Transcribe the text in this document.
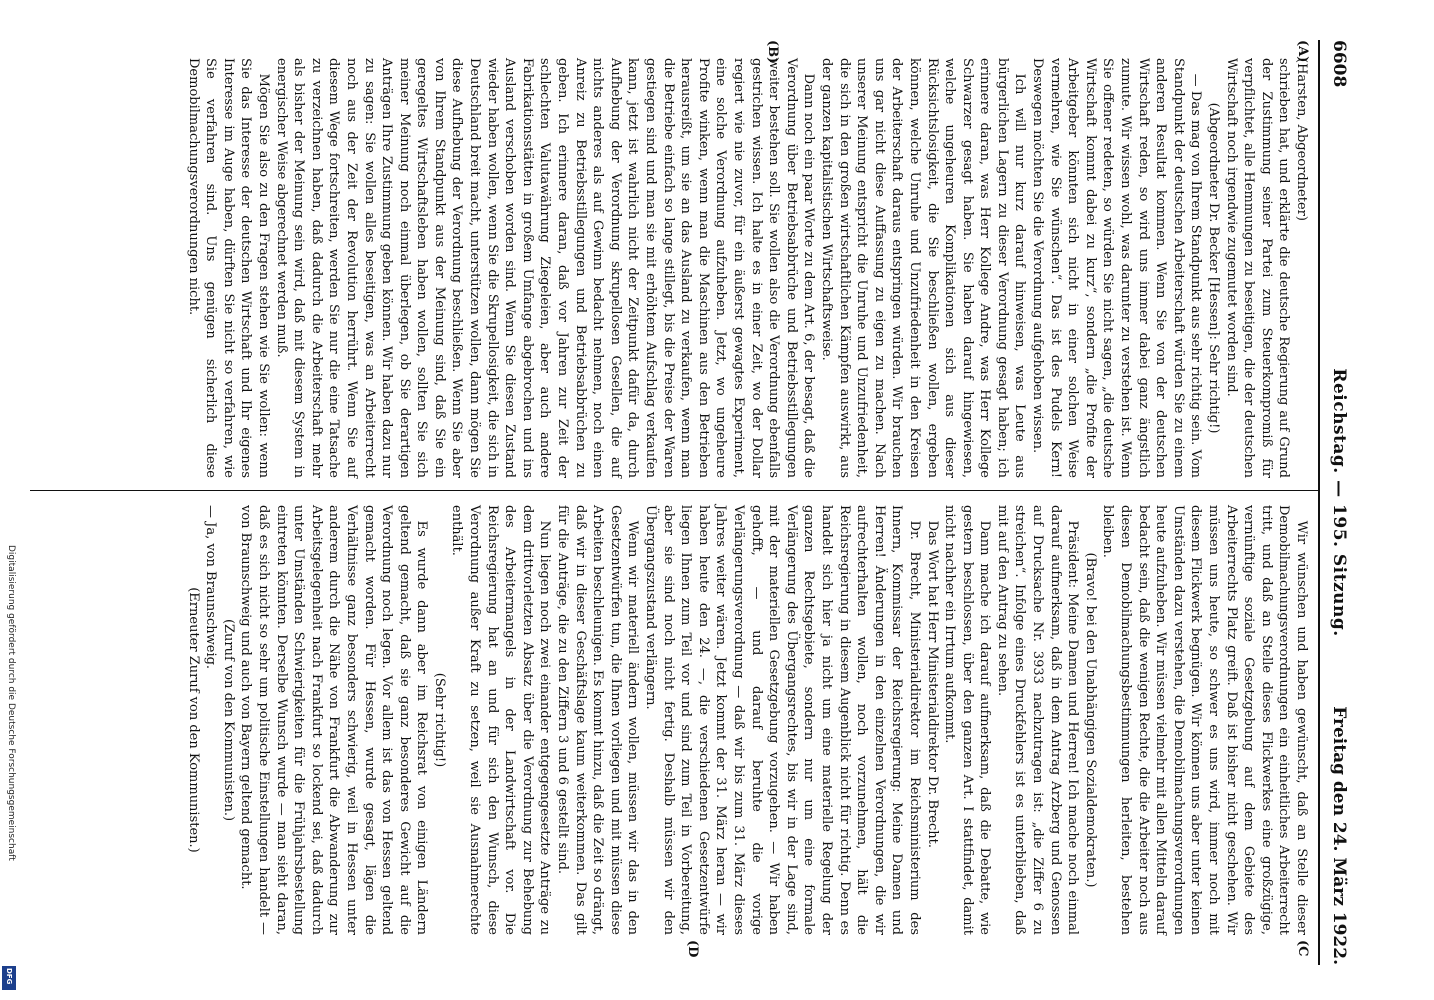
6608
Reichstag. — 195. Sitzung.
Freitag den 24. März 1922.
(A)
(B)
(C
(D

(Harsten, Abgeordneter)

schrieben hat, und erklärte die deutsche Regierung auf Grund der Zustimmung seiner Partei zum Steuerkompromiß für verpflichtet, alle Hemmungen zu beseitigen, die der deutschen Wirtschaft noch irgendwie zugemutet worden sind.

(Abgeordneter Dr. Becker [Hessen]: Sehr richtig!)

— Das mag von Ihrem Standpunkt aus sehr richtig sein. Vom Standpunkt der deutschen Arbeiterschaft würden Sie zu einem anderen Resultat kommen. Wenn Sie von der deutschen Wirtschaft reden, so wird uns immer dabei ganz ängstlich zumute. Wir wissen wohl, was darunter zu verstehen ist. Wenn Sie offener redeten, so würden Sie nicht sagen, „die deutsche Wirtschaft kommt dabei zu kurz“, sondern „die Profite der Arbeitgeber könnten sich nicht in einer solchen Weise vermehren, wie Sie wünschen“. Das ist des Pudels Kern! Deswegen möchten Sie die Verordnung aufgehoben wissen.

Ich will nur kurz darauf hinweisen, was Leute aus bürgerlichen Lagern zu dieser Verordnung gesagt haben; ich erinnere daran, was Herr Kollege Andre, was Herr Kollege Schwarzer gesagt haben. Sie haben darauf hingewiesen, welche ungeheuren Komplikationen sich aus dieser Rücksichtslosigkeit, die Sie beschließen wollen, ergeben können, welche Unruhe und Unzufriedenheit in den Kreisen der Arbeiterschaft daraus entspringen würden. Wir brauchen uns gar nicht diese Auffassung zu eigen zu machen. Nach unserer Meinung entspricht die Unruhe und Unzufriedenheit, die sich in den großen wirtschaftlichen Kämpfen auswirkt, aus der ganzen kapitalistischen Wirtschaftsweise.

Dann noch ein paar Worte zu dem Art. 6, der besagt, daß die Verordnung über Betriebsabbrüche und Betriebsstillegungen weiter bestehen soll. Sie wollen also die Verordnung ebenfalls gestrichen wissen. Ich halte es in einer Zeit, wo der Dollar regiert wie nie zuvor, für ein äußerst gewagtes Experiment, eine solche Verordnung aufzuheben. Jetzt, wo ungeheure Profite winken, wenn man die Maschinen aus den Betrieben herausreißt, um sie an das Ausland zu verkaufen, wenn man die Betriebe einfach so lange stillegt, bis die Preise der Waren gestiegen sind und man sie mit erhöhtem Aufschlag verkaufen kann, jetzt ist wahrlich nicht der Zeitpunkt dafür da, durch Aufhebung der Verordnung skrupellosen Gesellen, die auf nichts anderes als auf Gewinn bedacht nehmen, noch einen Anreiz zu Betriebsstillegungen und Betriebsabbrüchen zu geben. Ich erinnere daran, daß vor Jahren zur Zeit der schlechten Valutawährung Ziegeleien, aber auch andere Fabrikationsstätten in großem Umfange abgebrochen und ins Ausland verschoben worden sind. Wenn Sie diesen Zustand wieder haben wollen, wenn Sie die Skrupellosigkeit, die sich in Deutschland breit macht, unterstützen wollen, dann mögen Sie diese Aufhebung der Verordnung beschließen. Wenn Sie aber von Ihrem Standpunkt aus der Meinung sind, daß Sie ein geregeltes Wirtschaftsleben haben wollen, sollten Sie sich meiner Meinung noch einmal überlegen, ob Sie derartigen Anträgen Ihre Zustimmung geben können. Wir haben dazu nur zu sagen: Sie wollen alles beseitigen, was an Arbeiterrecht noch aus der Zeit der Revolution herrührt. Wenn Sie auf diesem Wege fortschreiten, werden Sie nur die eine Tatsache zu verzeichnen haben, daß dadurch die Arbeiterschaft mehr als bisher der Meinung sein wird, daß mit diesem System in energischer Weise abgerechnet werden muß.

Mögen Sie also zu den Fragen stehen wie Sie wollen: wenn Sie das Interesse der deutschen Wirtschaft und Ihr eigenes Interesse im Auge haben, dürften Sie nicht so verfahren, wie Sie verfahren sind. Uns genügen sicherlich diese Demobilmachungsverordnungen nicht.

Wir wünschen und haben gewünscht, daß an Stelle dieser Demobilmachungsverordnungen ein einheitliches Arbeiterrecht tritt, und daß an Stelle dieses Flickwerkes eine großzügige, vernünftige soziale Gesetzgebung auf dem Gebiete des Arbeiterrechts Platz greift. Daß ist bisher nicht geschehen. Wir müssen uns heute, so schwer es uns wird, immer noch mit diesem Flickwerk begnügen. Wir können uns aber unter keinen Umständen dazu verstehen, die Demobilmachungsverordnungen heute aufzuheben. Wir müssen vielmehr mit allen Mitteln darauf bedacht sein, daß die wenigen Rechte, die die Arbeiter noch aus diesen Demobilmachungsbestimmungen herleiten, bestehen bleiben.

(Bravo! bei den Unabhängigen Sozialdemokraten.)

Präsident: Meine Damen und Herren! Ich mache noch einmal darauf aufmerksam, daß in dem Antrag Arzberg und Genossen auf Drucksache Nr. 3933 nachzutragen ist: „die Ziffer 6 zu streichen“. Infolge eines Druckfehlers ist es unterblieben, daß mit auf den Antrag zu sehen.

Dann mache ich darauf aufmerksam, daß die Debatte, wie gestern beschlossen, über den ganzen Art. I stattfindet, damit nicht nachher ein Irrtum aufkommt.

Das Wort hat Herr Ministerialdirektor Dr. Brecht.

Dr. Brecht, Ministerialdirektor im Reichsministerium des Innern, Kommissar der Reichsregierung: Meine Damen und Herren! Änderungen in den einzelnen Verordnungen, die wir aufrechterhalten wollen, noch vorzunehmen, hält die Reichsregierung in diesem Augenblick nicht für richtig. Denn es handelt sich hier ja nicht um eine materielle Regelung der ganzen Rechtsgebiete, sondern nur um eine formale Verlängerung des Übergangsrechtes, bis wir in der Lage sind, mit der materiellen Gesetzgebung vorzugehen. — Wir haben gehofft, — und darauf beruhte die vorige Verlängerungsverordnung — daß wir bis zum 31. März dieses Jahres weiter wären. Jetzt kommt der 31. März heran — wir haben heute den 24. —, die verschiedenen Gesetzentwürfe liegen Ihnen zum Teil vor und sind zum Teil in Vorbereitung, aber sie sind noch nicht fertig. Deshalb müssen wir den Übergangszustand verlängern.

Wenn wir materiell ändern wollen, müssen wir das in den Gesetzentwürfen tun, die Ihnen vorliegen und mit müssen diese Arbeiten beschleunigen. Es kommt hinzu, daß die Zeit so drängt, daß wir in dieser Geschäftslage kaum weiterkommen. Das gilt für die Anträge, die zu den Ziffern 3 und 6 gestellt sind.

Nun liegen noch zwei einander entgegengesetzte Anträge zu dem drittvorletzten Absatz über die Verordnung zur Behebung des Arbeitermangels in der Landwirtschaft vor. Die Reichsregierung hat an und für sich den Wunsch, diese Verordnung außer Kraft zu setzen, weil sie Ausnahmerechte enthält.

(Sehr richtig!)

Es wurde dann aber im Reichsrat von einigen Ländern geltend gemacht, daß sie ganz besonderes Gewicht auf die Verordnung noch legen. Vor allem ist das von Hessen geltend gemacht worden. Für Hessen, wurde gesagt, lägen die Verhältnisse ganz besonders schwierig, weil in Hessen unter anderem durch die Nähe von Frankfurt die Abwanderung zur Arbeitsgelegenheit nach Frankfurt so lockend sei, daß dadurch unter Umständen Schwierigkeiten für die Frühjahrsbestellung eintreten könnten. Derselbe Wunsch wurde — man sieht daran, daß es sich nicht so sehr um politische Einstellungen handelt — von Braunschweig und auch von Bayern geltend gemacht.

(Zuruf von den Kommunisten.)

— Ja, von Braunschweig.

(Erneuter Zuruf von den Kommunisten.)

Digitalisierung gefördert durch die Deutsche Forschungsgemeinschaft
DFG
